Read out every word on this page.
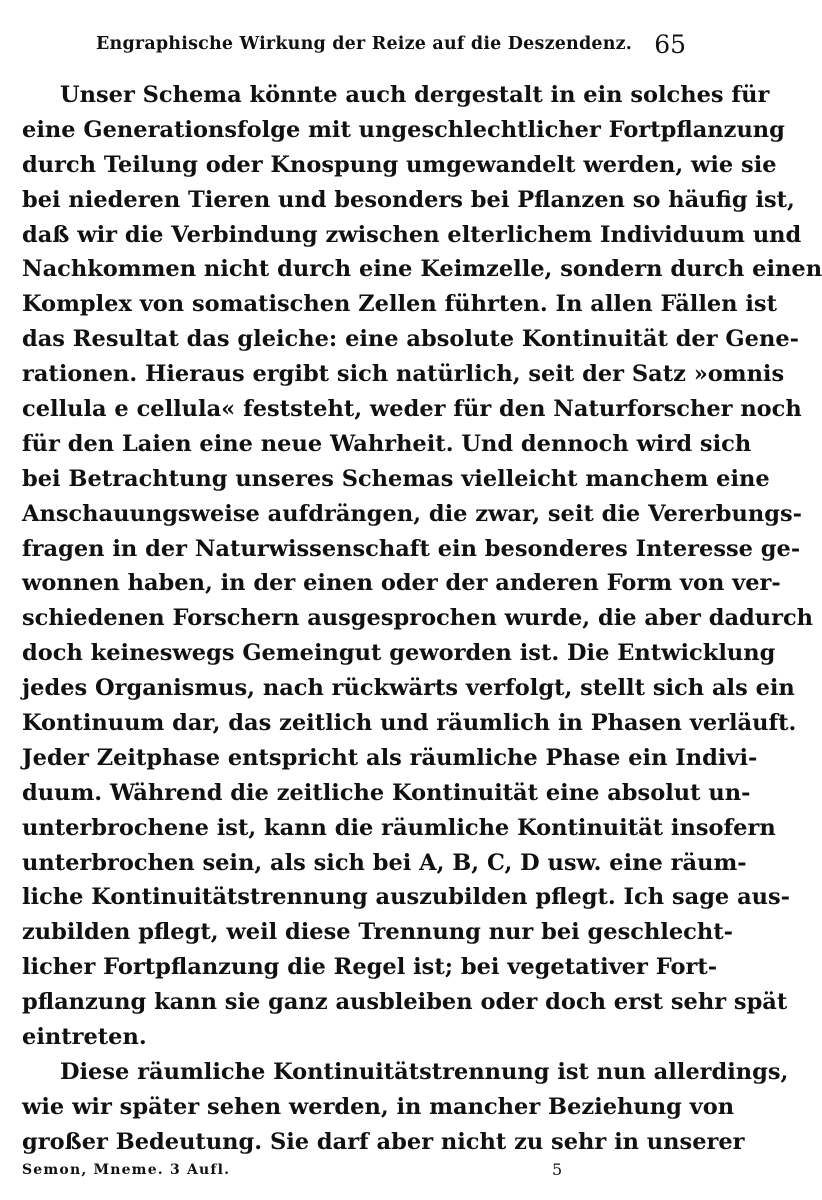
Engraphische Wirkung der Reize auf die Deszendenz. 65
Unser Schema könnte auch dergestalt in ein solches für
eine Generationsfolge mit ungeschlechtlicher Fortpflanzung
durch Teilung oder Knospung umgewandelt werden, wie sie
bei niederen Tieren und besonders bei Pflanzen so häufig ist,
daß wir die Verbindung zwischen elterlichem Individuum und
Nachkommen nicht durch eine Keimzelle, sondern durch einen
Komplex von somatischen Zellen führten. In allen Fällen ist
das Resultat das gleiche: eine absolute Kontinuität der Gene-
rationen. Hieraus ergibt sich natürlich, seit der Satz »omnis
cellula e cellula« feststeht, weder für den Naturforscher noch
für den Laien eine neue Wahrheit. Und dennoch wird sich
bei Betrachtung unseres Schemas vielleicht manchem eine
Anschauungsweise aufdrängen, die zwar, seit die Vererbungs-
fragen in der Naturwissenschaft ein besonderes Interesse ge-
wonnen haben, in der einen oder der anderen Form von ver-
schiedenen Forschern ausgesprochen wurde, die aber dadurch
doch keineswegs Gemeingut geworden ist. Die Entwicklung
jedes Organismus, nach rückwärts verfolgt, stellt sich als ein
Kontinuum dar, das zeitlich und räumlich in Phasen verläuft.
Jeder Zeitphase entspricht als räumliche Phase ein Indivi-
duum. Während die zeitliche Kontinuität eine absolut un-
unterbrochene ist, kann die räumliche Kontinuität insofern
unterbrochen sein, als sich bei A, B, C, D usw. eine räum-
liche Kontinuitätstrennung auszubilden pflegt. Ich sage aus-
zubilden pflegt, weil diese Trennung nur bei geschlecht-
licher Fortpflanzung die Regel ist; bei vegetativer Fort-
pflanzung kann sie ganz ausbleiben oder doch erst sehr spät
eintreten.
Diese räumliche Kontinuitätstrennung ist nun allerdings,
wie wir später sehen werden, in mancher Beziehung von
großer Bedeutung. Sie darf aber nicht zu sehr in unserer
Semon, Mneme. 3 Aufl.	5
